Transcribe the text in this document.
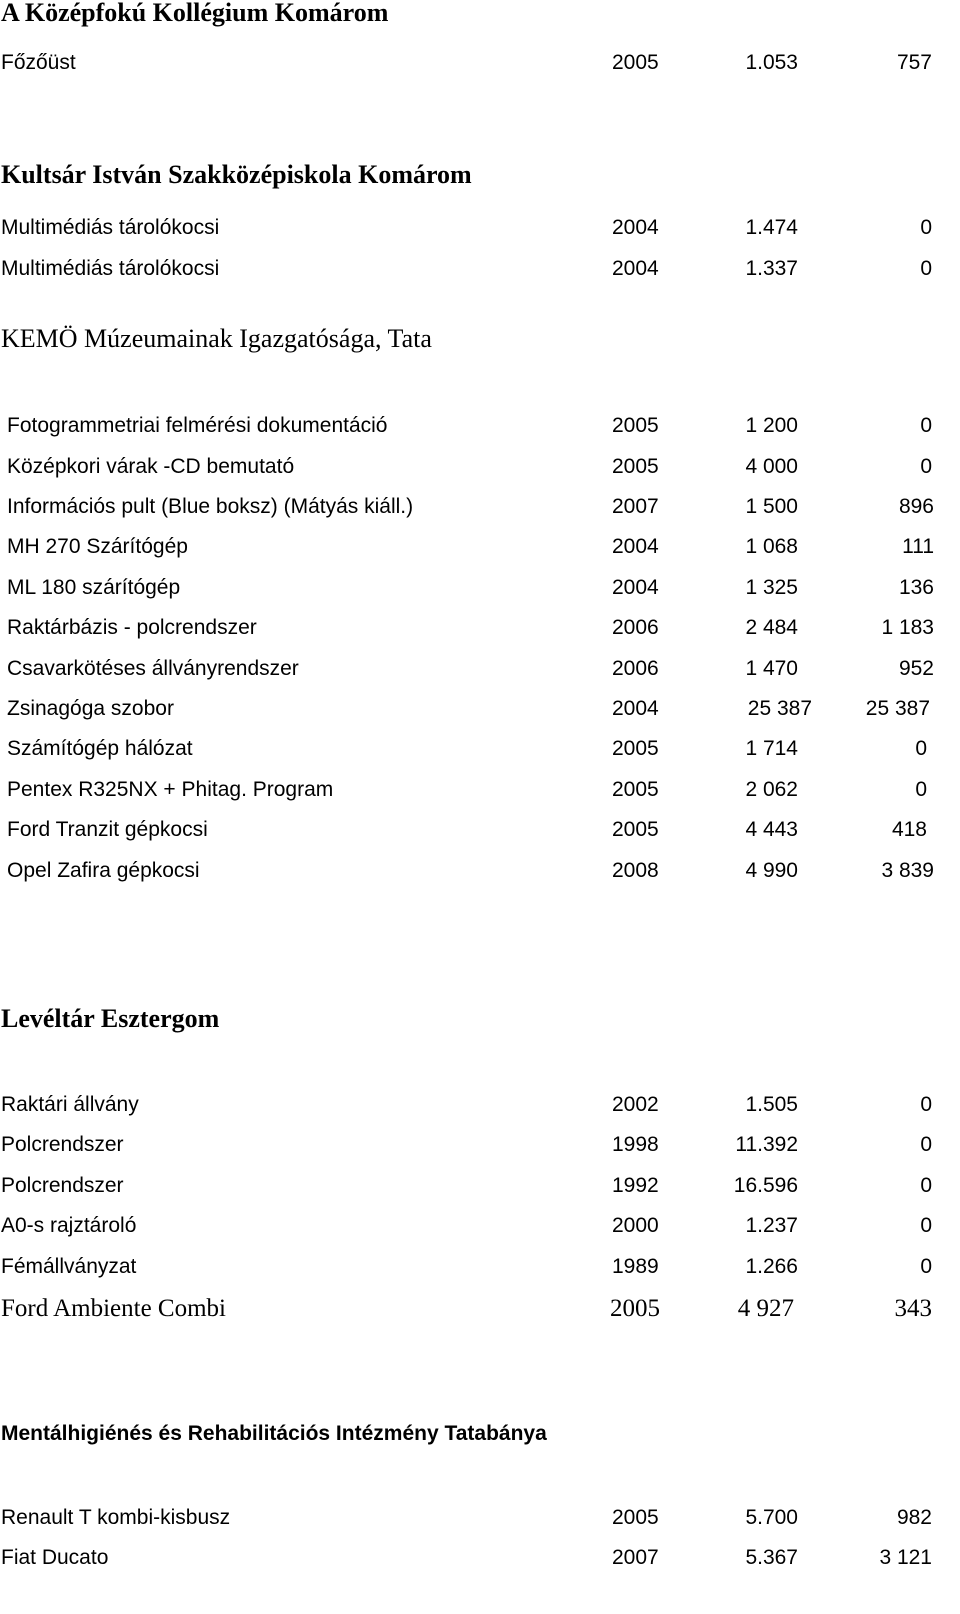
A Középfokú Kollégium Komárom
Főzőüst	2005	1.053	757
Kultsár István Szakközépiskola Komárom
Multimédiás tárolókocsi	2004	1.474	0
Multimédiás tárolókocsi	2004	1.337	0
KEMÖ Múzeumainak Igazgatósága, Tata
Fotogrammetriai felmérési dokumentáció	2005	1 200	0
Középkori várak -CD bemutató	2005	4 000	0
Információs pult (Blue boksz) (Mátyás kiáll.)	2007	1 500	896
MH 270 Szárítógép	2004	1 068	111
ML 180 szárítógép	2004	1 325	136
Raktárbázis - polcrendszer	2006	2 484	1 183
Csavarkötéses állványrendszer	2006	1 470	952
Zsinagóga szobor	2004	25 387	25 387
Számítógép hálózat	2005	1 714	0
Pentex R325NX + Phitag. Program	2005	2 062	0
Ford Tranzit gépkocsi	2005	4 443	418
Opel Zafira gépkocsi	2008	4 990	3 839
Levéltár Esztergom
Raktári állvány	2002	1.505	0
Polcrendszer	1998	11.392	0
Polcrendszer	1992	16.596	0
A0-s rajztároló	2000	1.237	0
Fémállványzat	1989	1.266	0
Ford Ambiente Combi	2005	4 927	343
Mentálhigiénés és Rehabilitációs Intézmény Tatabánya
Renault T kombi-kisbusz	2005	5.700	982
Fiat Ducato	2007	5.367	3 121
